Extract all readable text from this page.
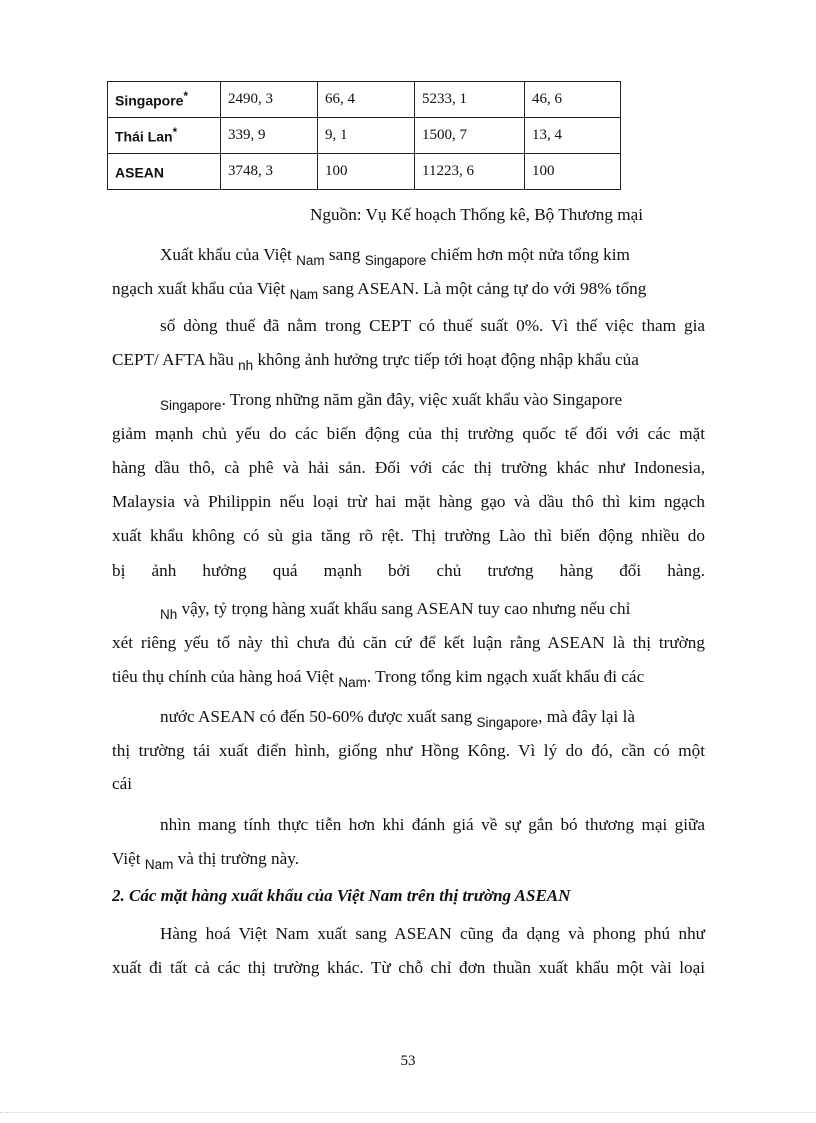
Singapore*	2490, 3	66, 4	5233, 1	46, 6
Thái Lan*	339, 9	9, 1	1500, 7	13, 4
ASEAN	3748, 3	100	11223, 6	100
Nguồn: Vụ Kế hoạch Thống kê, Bộ Thương mại
Xuất khẩu của Việt $_{Nam}$ sang $_{Singapore}$ chiếm hơn một nửa tổng kim
ngạch xuất khẩu của Việt $_{Nam}$ sang ASEAN. Là một cảng tự do với 98% tổng
số dòng thuế đã nằm trong CEPT có thuế suất 0%. Vì thế việc tham gia
CEPT/ AFTA hầu $_{nh}$ không ảnh hưởng trực tiếp tới hoạt động nhập khẩu của
$_{Singapore}$. Trong những năm gần đây, việc xuất khẩu vào Singapore
giảm mạnh chủ yếu do các biến động của thị trường quốc tế đối với các mặt
hàng dầu thô, cà phê và hải sản. Đối với các thị trường khác như Indonesia,
Malaysia và Philippin nếu loại trừ hai mặt hàng gạo và dầu thô thì kim ngạch
xuất khẩu không có sù gia tăng rõ rệt. Thị trường Lào thì biến động nhiều do
bị ảnh hưởng quá mạnh bởi chủ trương hàng đổi hàng.
$_{Nh}$ vậy, tỷ trọng hàng xuất khẩu sang ASEAN tuy cao nhưng nếu chỉ
xét riêng yếu tố này thì chưa đủ căn cứ để kết luận rằng ASEAN là thị trường
tiêu thụ chính của hàng hoá Việt $_{Nam}$. Trong tổng kim ngạch xuất khẩu đi các
nước ASEAN có đến 50-60% được xuất sang $_{Singapore}$, mà đây lại là
thị trường tái xuất điển hình, giống như Hồng Kông. Vì lý do đó, cần có một
cái
nhìn mang tính thực tiễn hơn khi đánh giá về sự gắn bó thương mại giữa
Việt $_{Nam}$ và thị trường này.
2. Các mặt hàng xuất khẩu của Việt Nam trên thị trường ASEAN
Hàng hoá Việt Nam xuất sang ASEAN cũng đa dạng và phong phú như
xuất đi tất cả các thị trường khác. Từ chỗ chỉ đơn thuần xuất khẩu một vài loại
53
